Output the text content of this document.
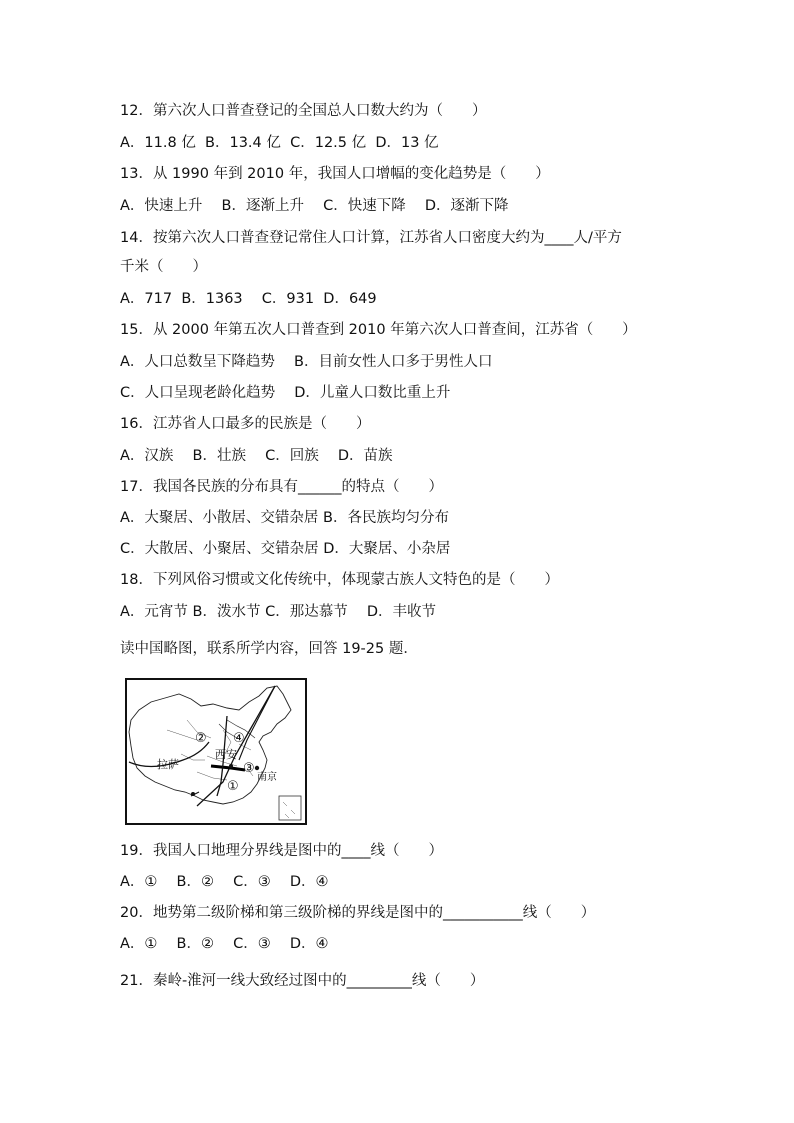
12．第六次人口普查登记的全国总人口数大约为（　　）
A．11.8 亿  B．13.4 亿  C．12.5 亿  D．13 亿
13．从 1990 年到 2010 年，我国人口增幅的变化趋势是（　　）
A．快速上升　 B．逐渐上升　 C．快速下降　 D．逐渐下降
14．按第六次人口普查登记常住人口计算，江苏省人口密度大约为____人/平方
千米（　　）
A．717  B．1363　 C．931  D．649
15．从 2000 年第五次人口普查到 2010 年第六次人口普查间，江苏省（　　）
A．人口总数呈下降趋势　 B．目前女性人口多于男性人口
C．人口呈现老龄化趋势　 D．儿童人口数比重上升
16．江苏省人口最多的民族是（　　）
A．汉族　 B．壮族　 C．回族　 D．苗族
17．我国各民族的分布具有______的特点（　　）
A．大聚居、小散居、交错杂居 B．各民族均匀分布
C．大散居、小聚居、交错杂居 D．大聚居、小杂居
18．下列风俗习惯或文化传统中，体现蒙古族人文特色的是（　　）
A．元宵节 B．泼水节 C．那达慕节　 D．丰收节
读中国略图，联系所学内容，回答 19-25 题．
拉萨
西安
南京
② ④
③
①
19．我国人口地理分界线是图中的____线（　　）
A．①　 B．②　 C．③　 D．④
20．地势第二级阶梯和第三级阶梯的界线是图中的___________线（　　）
A．①　 B．②　 C．③　 D．④
21．秦岭-淮河一线大致经过图中的_________线（　　）
